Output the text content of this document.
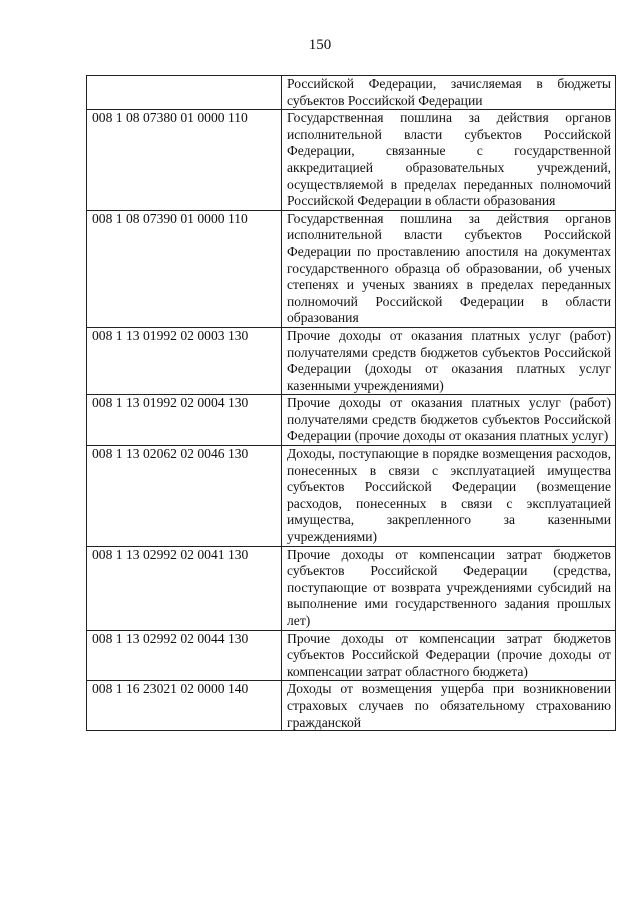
150
	Российской Федерации, зачисляемая в бюджеты субъектов Российской Федерации
008 1 08 07380 01 0000 110	Государственная пошлина за действия органов исполнительной власти субъектов Российской Федерации, связанные с государственной аккредитацией образовательных учреждений, осуществляемой в пределах переданных полномочий Российской Федерации в области образования
008 1 08 07390 01 0000 110	Государственная пошлина за действия органов исполнительной власти субъектов Российской Федерации по проставлению апостиля на документах государственного образца об образовании, об ученых степенях и ученых званиях в пределах переданных полномочий Российской Федерации в области образования
008 1 13 01992 02 0003 130	Прочие доходы от оказания платных услуг (работ) получателями средств бюджетов субъектов Российской Федерации (доходы от оказания платных услуг казенными учреждениями)
008 1 13 01992 02 0004 130	Прочие доходы от оказания платных услуг (работ) получателями средств бюджетов субъектов Российской Федерации (прочие доходы от оказания платных услуг)
008 1 13 02062 02 0046 130	Доходы, поступающие в порядке возмещения расходов, понесенных в связи с эксплуатацией имущества субъектов Российской Федерации (возмещение расходов, понесенных в связи с эксплуатацией имущества, закрепленного за казенными учреждениями)
008 1 13 02992 02 0041 130	Прочие доходы от компенсации затрат бюджетов субъектов Российской Федерации (средства, поступающие от возврата учреждениями субсидий на выполнение ими государственного задания прошлых лет)
008 1 13 02992 02 0044 130	Прочие доходы от компенсации затрат бюджетов субъектов Российской Федерации (прочие доходы от компенсации затрат областного бюджета)
008 1 16 23021 02 0000 140	Доходы от возмещения ущерба при возникновении страховых случаев по обязательному страхованию гражданской
